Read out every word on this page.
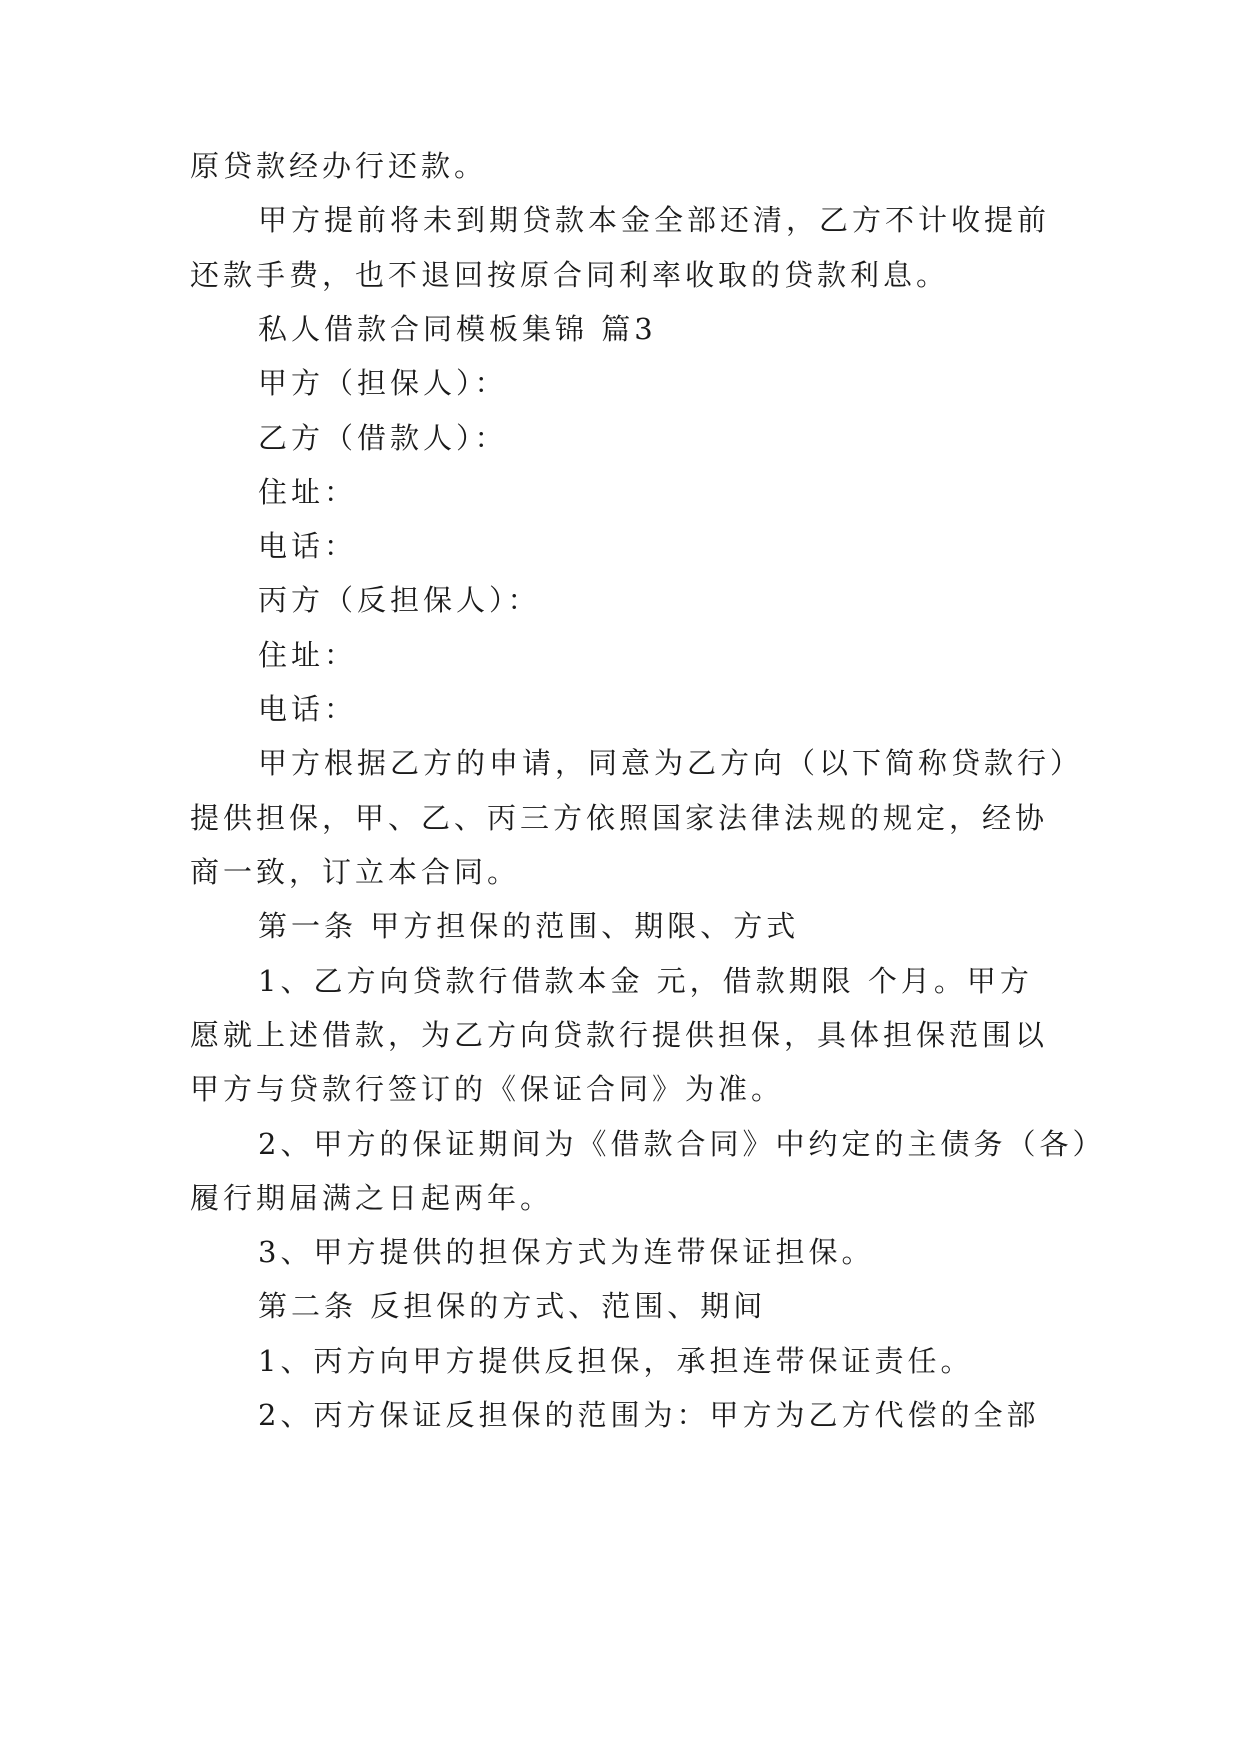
原贷款经办行还款。

甲方提前将未到期贷款本金全部还清，乙方不计收提前

还款手费，也不退回按原合同利率收取的贷款利息。

私人借款合同模板集锦 篇3

甲方（担保人）：

乙方（借款人）：

住址：

电话：

丙方（反担保人）：

住址：

电话：

甲方根据乙方的申请，同意为乙方向（以下简称贷款行）

提供担保，甲、乙、丙三方依照国家法律法规的规定，经协

商一致，订立本合同。

第一条 甲方担保的范围、期限、方式

1、乙方向贷款行借款本金 元，借款期限 个月。甲方

愿就上述借款，为乙方向贷款行提供担保，具体担保范围以

甲方与贷款行签订的《保证合同》为准。

2、甲方的保证期间为《借款合同》中约定的主债务（各）

履行期届满之日起两年。

3、甲方提供的担保方式为连带保证担保。

第二条 反担保的方式、范围、期间

1、丙方向甲方提供反担保，承担连带保证责任。

2、丙方保证反担保的范围为：甲方为乙方代偿的全部
